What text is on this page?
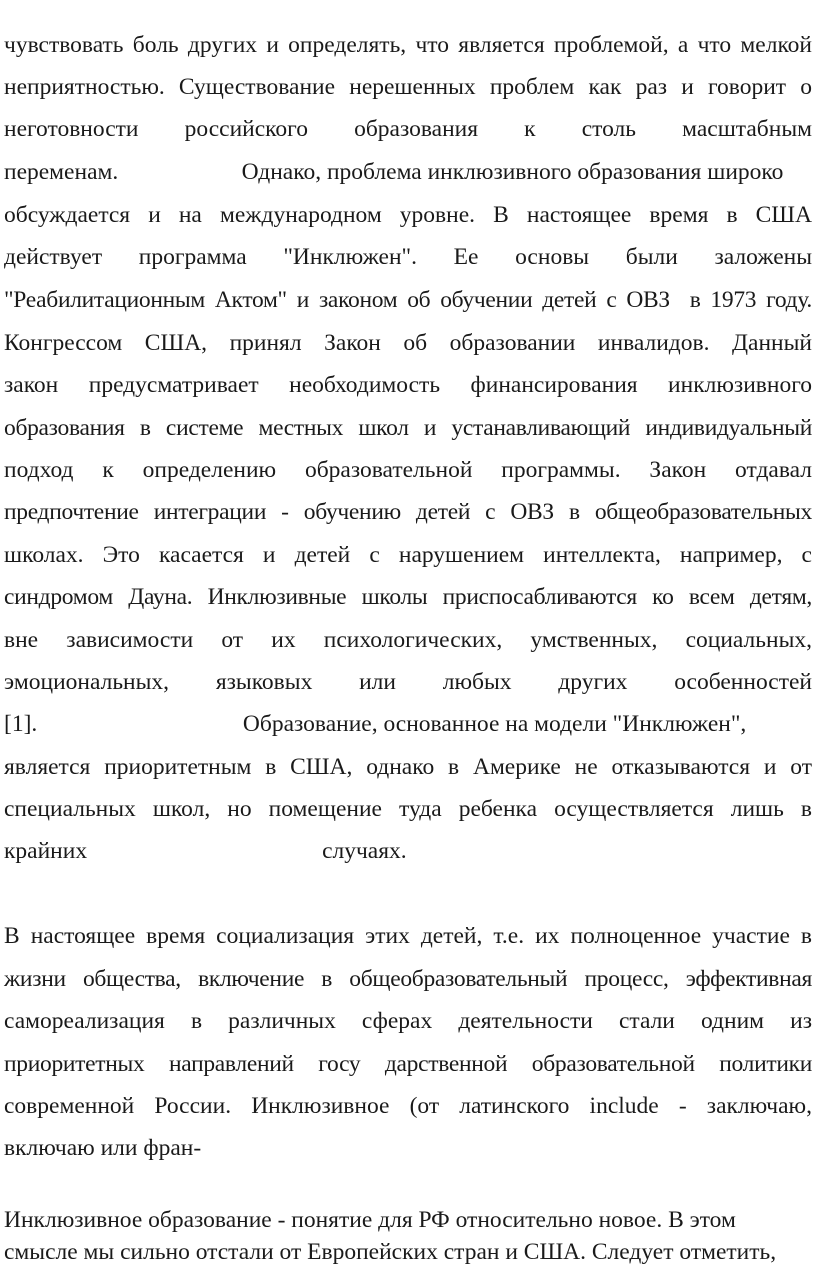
чувствовать боль других и определять, что является проблемой, а что мелкой
неприятностью. Существование нерешенных проблем как раз и говорит о
неготовности российского образования к столь масштабным
переменам.                     Однако, проблема инклюзивного образования широко
обсуждается и на международном уровне. В настоящее время в США
действует программа "Инклюжен". Ее основы были заложены
"Реабилитационным Актом" и законом об обучении детей с ОВЗ  в 1973 году.
Конгрессом США, принял Закон об образовании инвалидов. Данный
закон предусматривает необходимость финансирования инклюзивного
образования в системе местных школ и устанавливающий индивидуальный
подход к определению образовательной программы. Закон отдавал
предпочтение интеграции - обучению детей с ОВЗ в общеобразовательных
школах. Это касается и детей с нарушением интеллекта, например, с
синдромом Дауна. Инклюзивные школы приспосабливаются ко всем детям,
вне зависимости от их психологических, умственных, социальных,
эмоциональных, языковых или любых других особенностей
[1].                                   Образование, основанное на модели "Инклюжен",
является приоритетным в США, однако в Америке не отказываются и от
специальных школ, но помещение туда ребенка осуществляется лишь в
крайних                                        случаях.
В настоящее время социализация этих детей, т.е. их полноценное участие в
жизни общества, включение в общеобразовательный процесс, эффективная
самореализация в различных сферах деятельности стали одним из
приоритетных направлений госу дарственной образовательной политики
современной России. Инклюзивное (от латинского include - заключаю,
включаю или фран-
Инклюзивное образование - понятие для РФ относительно новое. В этом
смысле мы сильно отстали от Европейских стран и США. Следует отметить,
